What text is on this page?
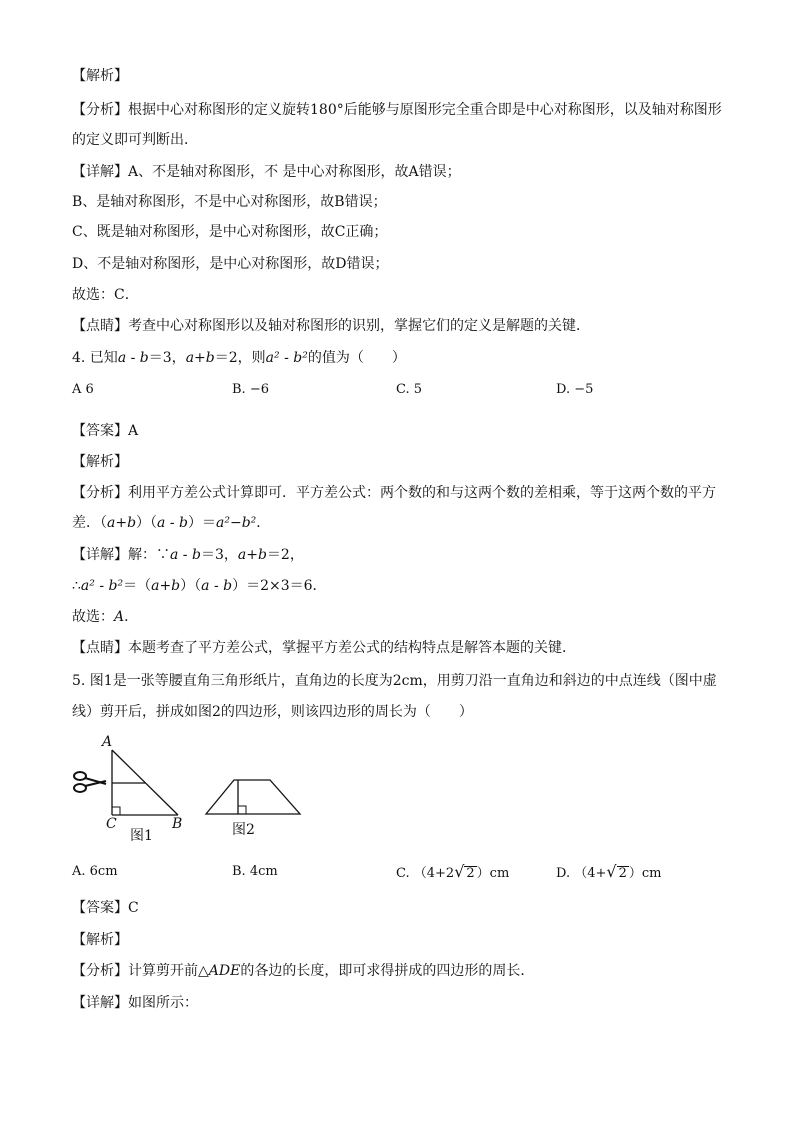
【解析】
【分析】根据中心对称图形的定义旋转180°后能够与原图形完全重合即是中心对称图形，以及轴对称图形
的定义即可判断出．
【详解】A、不是轴对称图形，不 是中心对称图形，故A错误；
B、是轴对称图形，不是中心对称图形，故B错误；
C、既是轴对称图形，是中心对称图形，故C正确；
D、不是轴对称图形，是中心对称图形，故D错误；
故选：C．
【点睛】考查中心对称图形以及轴对称图形的识别，掌握它们的定义是解题的关键．
4. 已知a - b＝3，a+b＝2，则a² - b²的值为（　　）
A 6	B. −6	C. 5	D. −5
【答案】A
【解析】
【分析】利用平方差公式计算即可．平方差公式：两个数的和与这两个数的差相乘，等于这两个数的平方
差．（a+b）（a - b）＝a²−b²．
【详解】解：∵a - b＝3，a+b＝2，
∴a² - b²＝（a+b）（a - b）＝2×3＝6．
故选：A．
【点睛】本题考查了平方差公式，掌握平方差公式的结构特点是解答本题的关键．
5. 图1是一张等腰直角三角形纸片，直角边的长度为2cm，用剪刀沿一直角边和斜边的中点连线（图中虚
线）剪开后，拼成如图2的四边形，则该四边形的周长为（　　）
A
C	B
图1	图2
A. 6cm	B. 4cm	C. （4+2√ 2 ）cm	D. （4+√ 2 ）cm
【答案】C
【解析】
【分析】计算剪开前△ADE的各边的长度，即可求得拼成的四边形的周长．
【详解】如图所示：
